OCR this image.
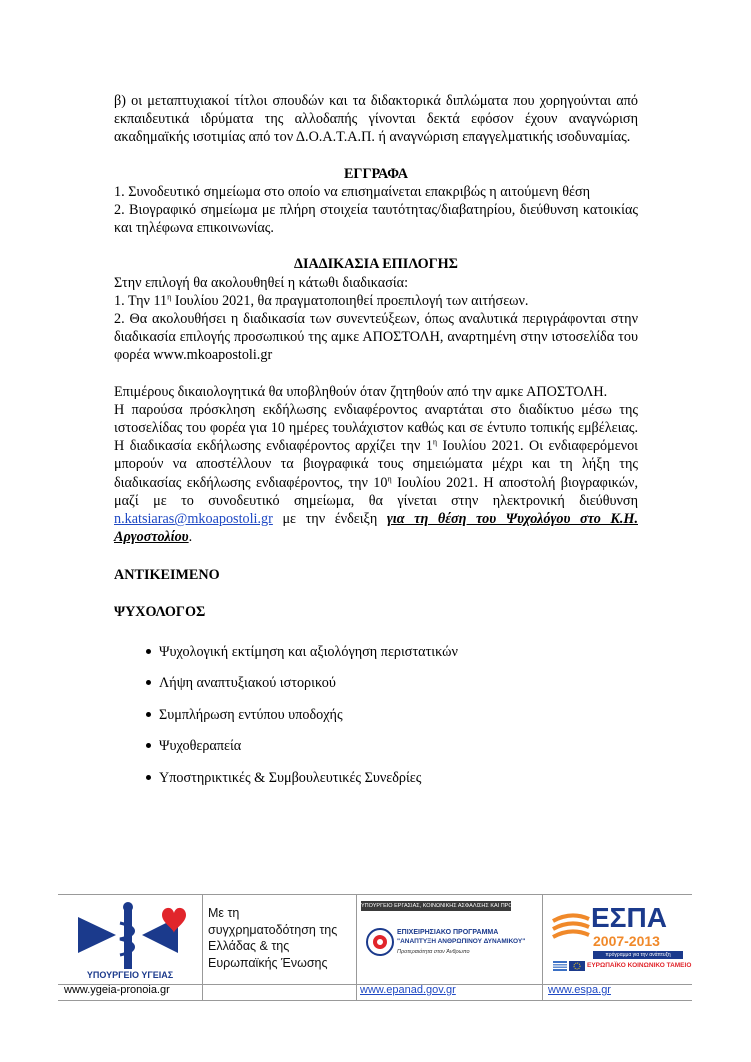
β) οι μεταπτυχιακοί τίτλοι σπουδών και τα διδακτορικά διπλώματα που χορηγούνται από εκπαιδευτικά ιδρύματα της αλλοδαπής γίνονται δεκτά εφόσον έχουν αναγνώριση ακαδημαϊκής ισοτιμίας από τον Δ.Ο.Α.Τ.Α.Π. ή αναγνώριση επαγγελματικής ισοδυναμίας.

ΕΓΓΡΑΦΑ

1. Συνοδευτικό σημείωμα στο οποίο να επισημαίνεται επακριβώς η αιτούμενη θέση

2. Βιογραφικό σημείωμα με πλήρη στοιχεία ταυτότητας/διαβατηρίου, διεύθυνση κατοικίας και τηλέφωνα επικοινωνίας.

ΔΙΑΔΙΚΑΣΙΑ ΕΠΙΛΟΓΗΣ

Στην επιλογή θα ακολουθηθεί η κάτωθι διαδικασία:

1. Την $11^\eta$ Ιουλίου 2021, θα πραγματοποιηθεί προεπιλογή των αιτήσεων.

2. Θα ακολουθήσει η διαδικασία των συνεντεύξεων, όπως αναλυτικά περιγράφονται στην διαδικασία επιλογής προσωπικού της αμκε ΑΠΟΣΤΟΛΗ, αναρτημένη στην ιστοσελίδα του φορέα www.mkoapostoli.gr

Επιμέρους δικαιολογητικά θα υποβληθούν όταν ζητηθούν από την αμκε ΑΠΟΣΤΟΛΗ.

Η παρούσα πρόσκληση εκδήλωσης ενδιαφέροντος αναρτάται στο διαδίκτυο μέσω της ιστοσελίδας του φορέα για 10 ημέρες τουλάχιστον καθώς και σε έντυπο τοπικής εμβέλειας. Η διαδικασία εκδήλωσης ενδιαφέροντος αρχίζει την $1^\eta$ Ιουλίου 2021. Οι ενδιαφερόμενοι μπορούν να αποστέλλουν τα βιογραφικά τους σημειώματα μέχρι και τη λήξη της διαδικασίας εκδήλωσης ενδιαφέροντος, την $10^\eta$ Ιουλίου 2021. Η αποστολή βιογραφικών, μαζί με το συνοδευτικό σημείωμα, θα γίνεται στην ηλεκτρονική διεύθυνση n.katsiaras@mkoapostoli.gr με την ένδειξη για τη θέση του Ψυχολόγου στο Κ.Η. Αργοστολίου.

ΑΝΤΙΚΕΙΜΕΝΟ

ΨΥΧΟΛΟΓΟΣ

Ψυχολογική εκτίμηση και αξιολόγηση περιστατικών
Λήψη αναπτυξιακού ιστορικού
Συμπλήρωση εντύπου υποδοχής
Ψυχοθεραπεία
Υποστηρικτικές & Συμβουλευτικές Συνεδρίες
ΥΠΟΥΡΓΕΙΟ ΥΓΕΙΑΣ
Με τη συγχρηματοδότηση της Ελλάδας & της Ευρωπαϊκής Ένωσης
ΥΠΟΥΡΓΕΙΟ ΕΡΓΑΣΙΑΣ, ΚΟΙΝΩΝΙΚΗΣ ΑΣΦΑΛΙΣΗΣ ΚΑΙ ΠΡΟΝΟΙΑΣ
ΕΠΙΧΕΙΡΗΣΙΑΚΟ ΠΡΟΓΡΑΜΜΑ
"ΑΝΑΠΤΥΞΗ ΑΝΘΡΩΠΙΝΟΥ ΔΥΝΑΜΙΚΟΥ"
Προτεραιότητα στον Άνθρωπο
ΕΣΠΑ
2007-2013
πρόγραμμα για την ανάπτυξη
ΕΥΡΩΠΑΪΚΟ ΚΟΙΝΩΝΙΚΟ ΤΑΜΕΙΟ
www.ygeia-pronoia.gr	www.epanad.gov.gr	www.espa.gr
